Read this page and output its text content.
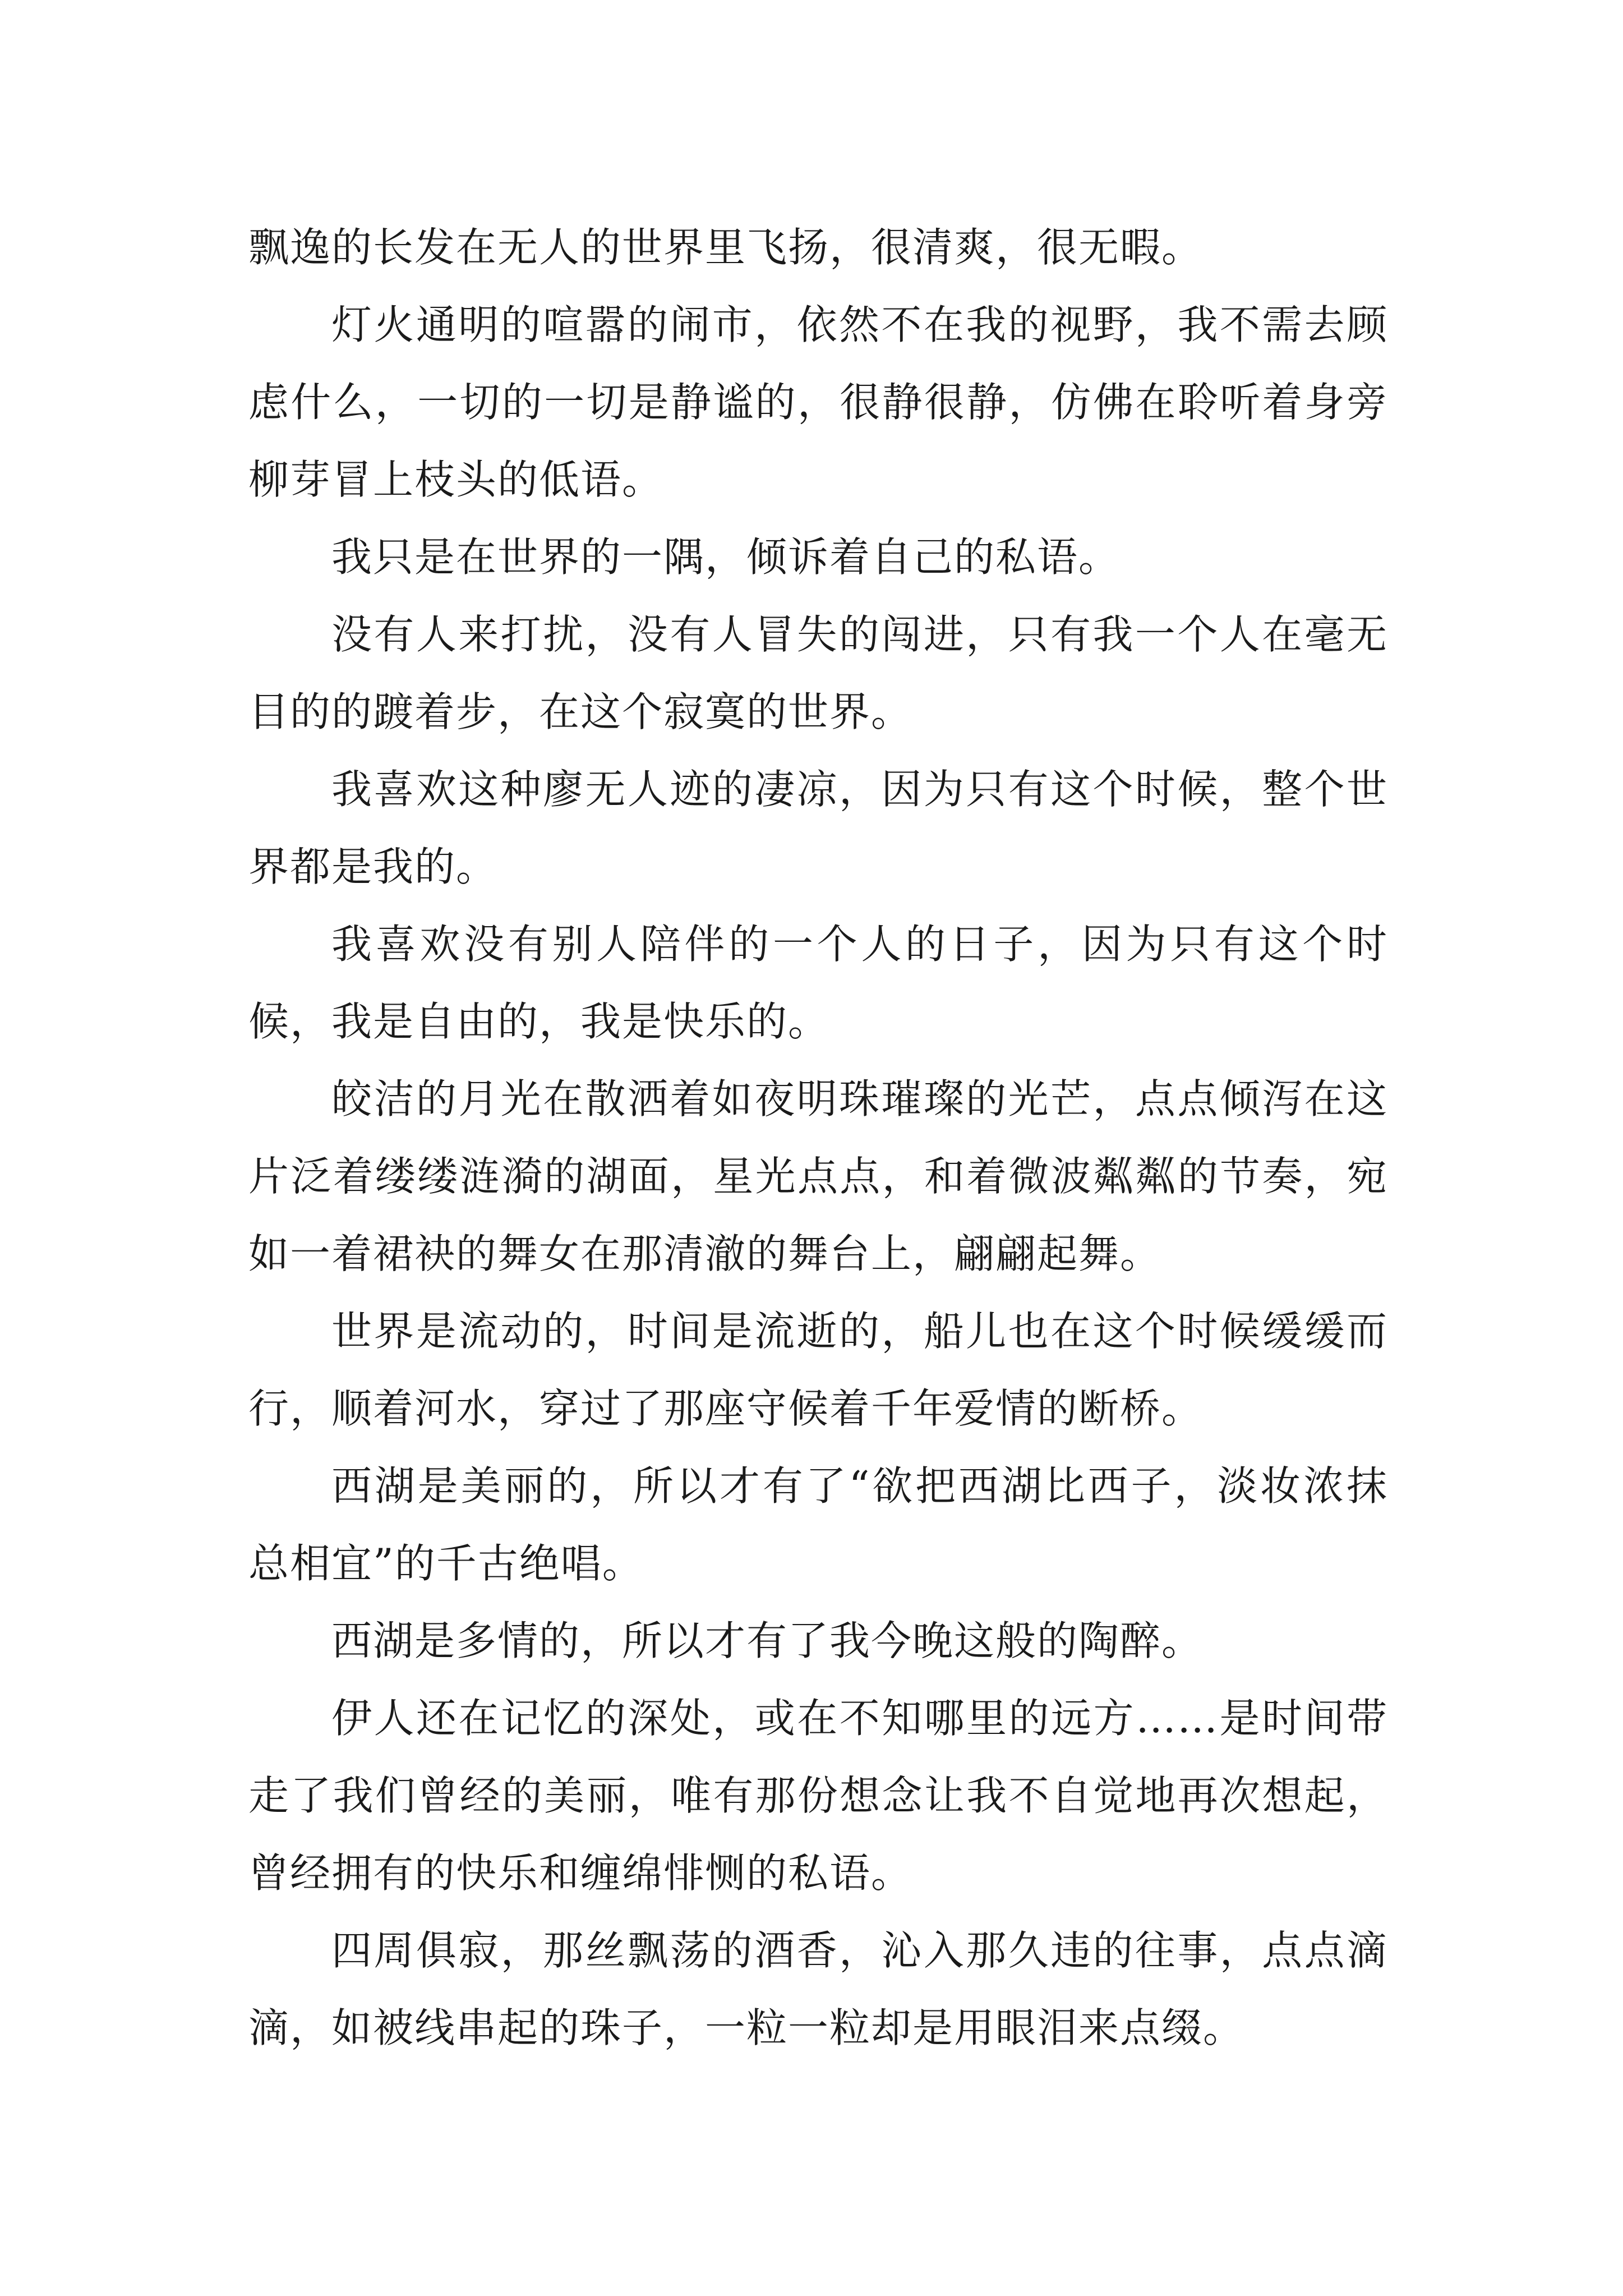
飘逸的长发在无人的世界里飞扬，很清爽，很无暇。

灯火通明的喧嚣的闹市，依然不在我的视野，我不需去顾虑什么，一切的一切是静谧的，很静很静，仿佛在聆听着身旁柳芽冒上枝头的低语。

我只是在世界的一隅，倾诉着自己的私语。

没有人来打扰，没有人冒失的闯进，只有我一个人在毫无目的的踱着步，在这个寂寞的世界。

我喜欢这种廖无人迹的凄凉，因为只有这个时候，整个世界都是我的。

我喜欢没有别人陪伴的一个人的日子，因为只有这个时候，我是自由的，我是快乐的。

皎洁的月光在散洒着如夜明珠璀璨的光芒，点点倾泻在这片泛着缕缕涟漪的湖面，星光点点，和着微波粼粼的节奏，宛如一着裙袂的舞女在那清澈的舞台上，翩翩起舞。

世界是流动的，时间是流逝的，船儿也在这个时候缓缓而行，顺着河水，穿过了那座守候着千年爱情的断桥。

西湖是美丽的，所以才有了“欲把西湖比西子，淡妆浓抹总相宜”的千古绝唱。

西湖是多情的，所以才有了我今晚这般的陶醉。

伊人还在记忆的深处，或在不知哪里的远方……是时间带走了我们曾经的美丽，唯有那份想念让我不自觉地再次想起，曾经拥有的快乐和缠绵悱恻的私语。

四周俱寂，那丝飘荡的酒香，沁入那久违的往事，点点滴滴，如被线串起的珠子，一粒一粒却是用眼泪来点缀。
